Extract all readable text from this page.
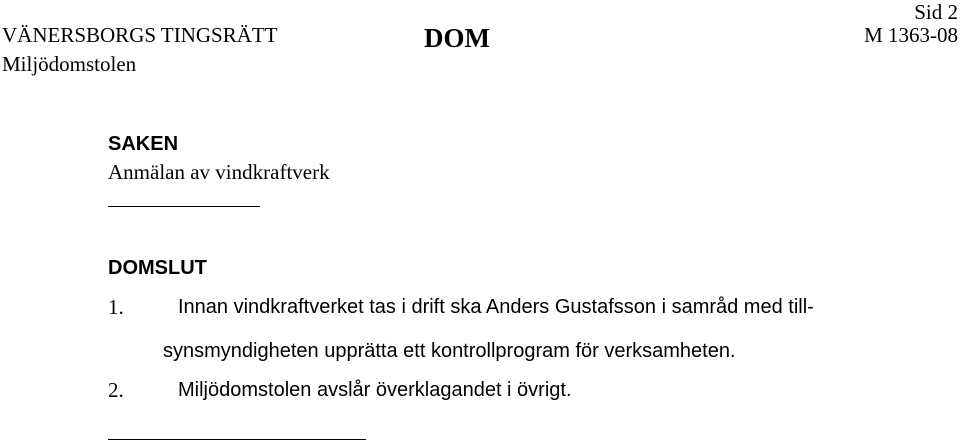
VÄNERSBORGS TINGSRÄTT
Miljödomstolen
DOM
Sid 2
M 1363-08
SAKEN
Anmälan av vindkraftverk
DOMSLUT
1.	Innan vindkraftverket tas i drift ska Anders Gustafsson i samråd med till-
synsmyndigheten upprätta ett kontrollprogram för verksamheten.
2.	Miljödomstolen avslår överklagandet i övrigt.
